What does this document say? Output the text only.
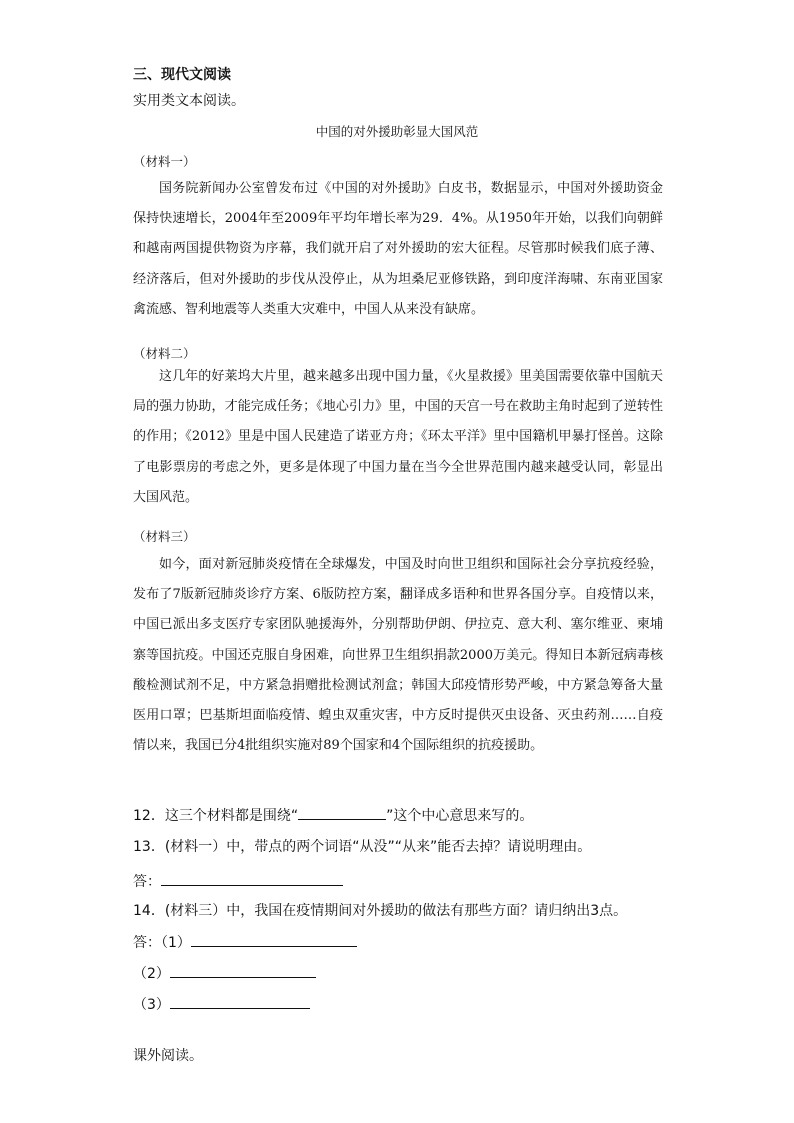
三、现代文阅读
实用类文本阅读。
中国的对外援助彰显大国风范
（材料一）
国务院新闻办公室曾发布过《中国的对外援助》白皮书，数据显示，中国对外援助资金保持快速增长，2004年至2009年平均年增长率为29．4%。从1950年开始，以我们向朝鲜和越南两国提供物资为序幕，我们就开启了对外援助的宏大征程。尽管那时候我们底子薄、经济落后，但对外援助的步伐从没停止，从为坦桑尼亚修铁路，到印度洋海啸、东南亚国家禽流感、智利地震等人类重大灾难中，中国人从来没有缺席。
（材料二）
这几年的好莱坞大片里，越来越多出现中国力量，《火星救援》里美国需要依靠中国航天局的强力协助，才能完成任务；《地心引力》里，中国的天宫一号在救助主角时起到了逆转性的作用；《2012》里是中国人民建造了诺亚方舟；《环太平洋》里中国籍机甲暴打怪兽。这除了电影票房的考虑之外，更多是体现了中国力量在当今全世界范围内越来越受认同，彰显出大国风范。
（材料三）
如今，面对新冠肺炎疫情在全球爆发，中国及时向世卫组织和国际社会分享抗疫经验，发布了7版新冠肺炎诊疗方案、6版防控方案，翻译成多语种和世界各国分享。自疫情以来，中国已派出多支医疗专家团队驰援海外，分别帮助伊朗、伊拉克、意大利、塞尔维亚、柬埔寨等国抗疫。中国还克服自身困难，向世界卫生组织捐款2000万美元。得知日本新冠病毒核酸检测试剂不足，中方紧急捐赠批检测试剂盒；韩国大邱疫情形势严峻，中方紧急筹备大量医用口罩；巴基斯坦面临疫情、蝗虫双重灾害，中方反时提供灭虫设备、灭虫药剂……自疫情以来，我国已分4批组织实施对89个国家和4个国际组织的抗疫援助。
12．这三个材料都是围绕“	”这个中心意思来写的。
13．(材料一）中，带点的两个词语“从没”“从来”能否去掉？请说明理由。
答：
14．(材料三）中，我国在疫情期间对外援助的做法有那些方面？请归纳出3点。
答：（1）
（2）
（3）
课外阅读。
